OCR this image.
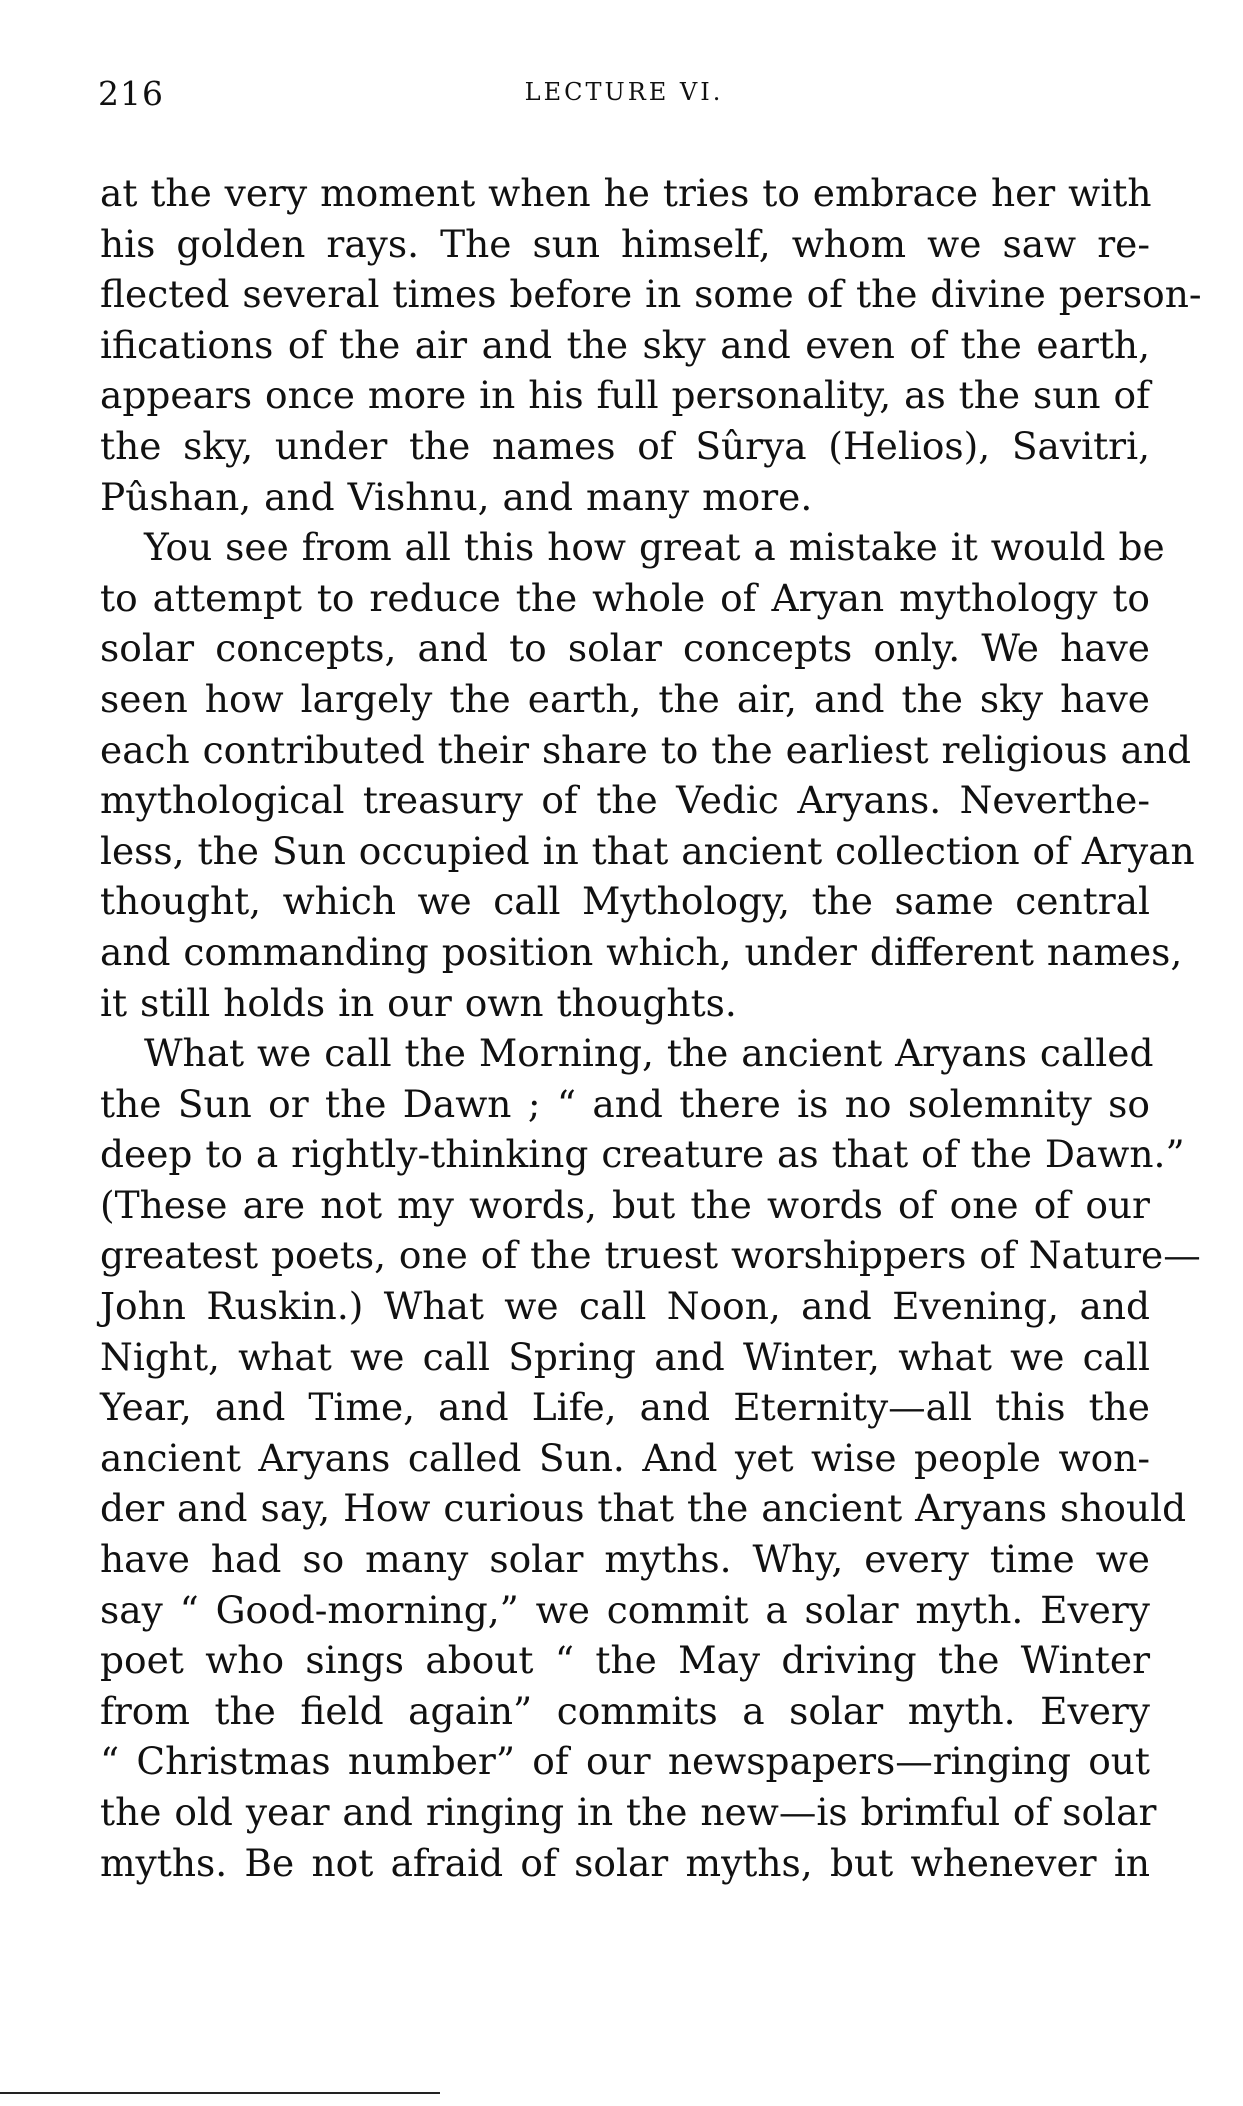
216	LECTURE VI.
at the very moment when he tries to embrace her with
his golden rays. The sun himself, whom we saw re-
flected several times before in some of the divine person-
ifications of the air and the sky and even of the earth,
appears once more in his full personality, as the sun of
the sky, under the names of Sûrya (Helios), Savitri,
Pûshan, and Vishnu, and many more.
You see from all this how great a mistake it would be
to attempt to reduce the whole of Aryan mythology to
solar concepts, and to solar concepts only. We have
seen how largely the earth, the air, and the sky have
each contributed their share to the earliest religious and
mythological treasury of the Vedic Aryans. Neverthe-
less, the Sun occupied in that ancient collection of Aryan
thought, which we call Mythology, the same central
and commanding position which, under different names,
it still holds in our own thoughts.
What we call the Morning, the ancient Aryans called
the Sun or the Dawn ; “ and there is no solemnity so
deep to a rightly-thinking creature as that of the Dawn.”
(These are not my words, but the words of one of our
greatest poets, one of the truest worshippers of Nature—
John Ruskin.) What we call Noon, and Evening, and
Night, what we call Spring and Winter, what we call
Year, and Time, and Life, and Eternity—all this the
ancient Aryans called Sun. And yet wise people won-
der and say, How curious that the ancient Aryans should
have had so many solar myths. Why, every time we
say “ Good-morning,” we commit a solar myth. Every
poet who sings about “ the May driving the Winter
from the field again” commits a solar myth. Every
“ Christmas number” of our newspapers—ringing out
the old year and ringing in the new—is brimful of solar
myths. Be not afraid of solar myths, but whenever in
